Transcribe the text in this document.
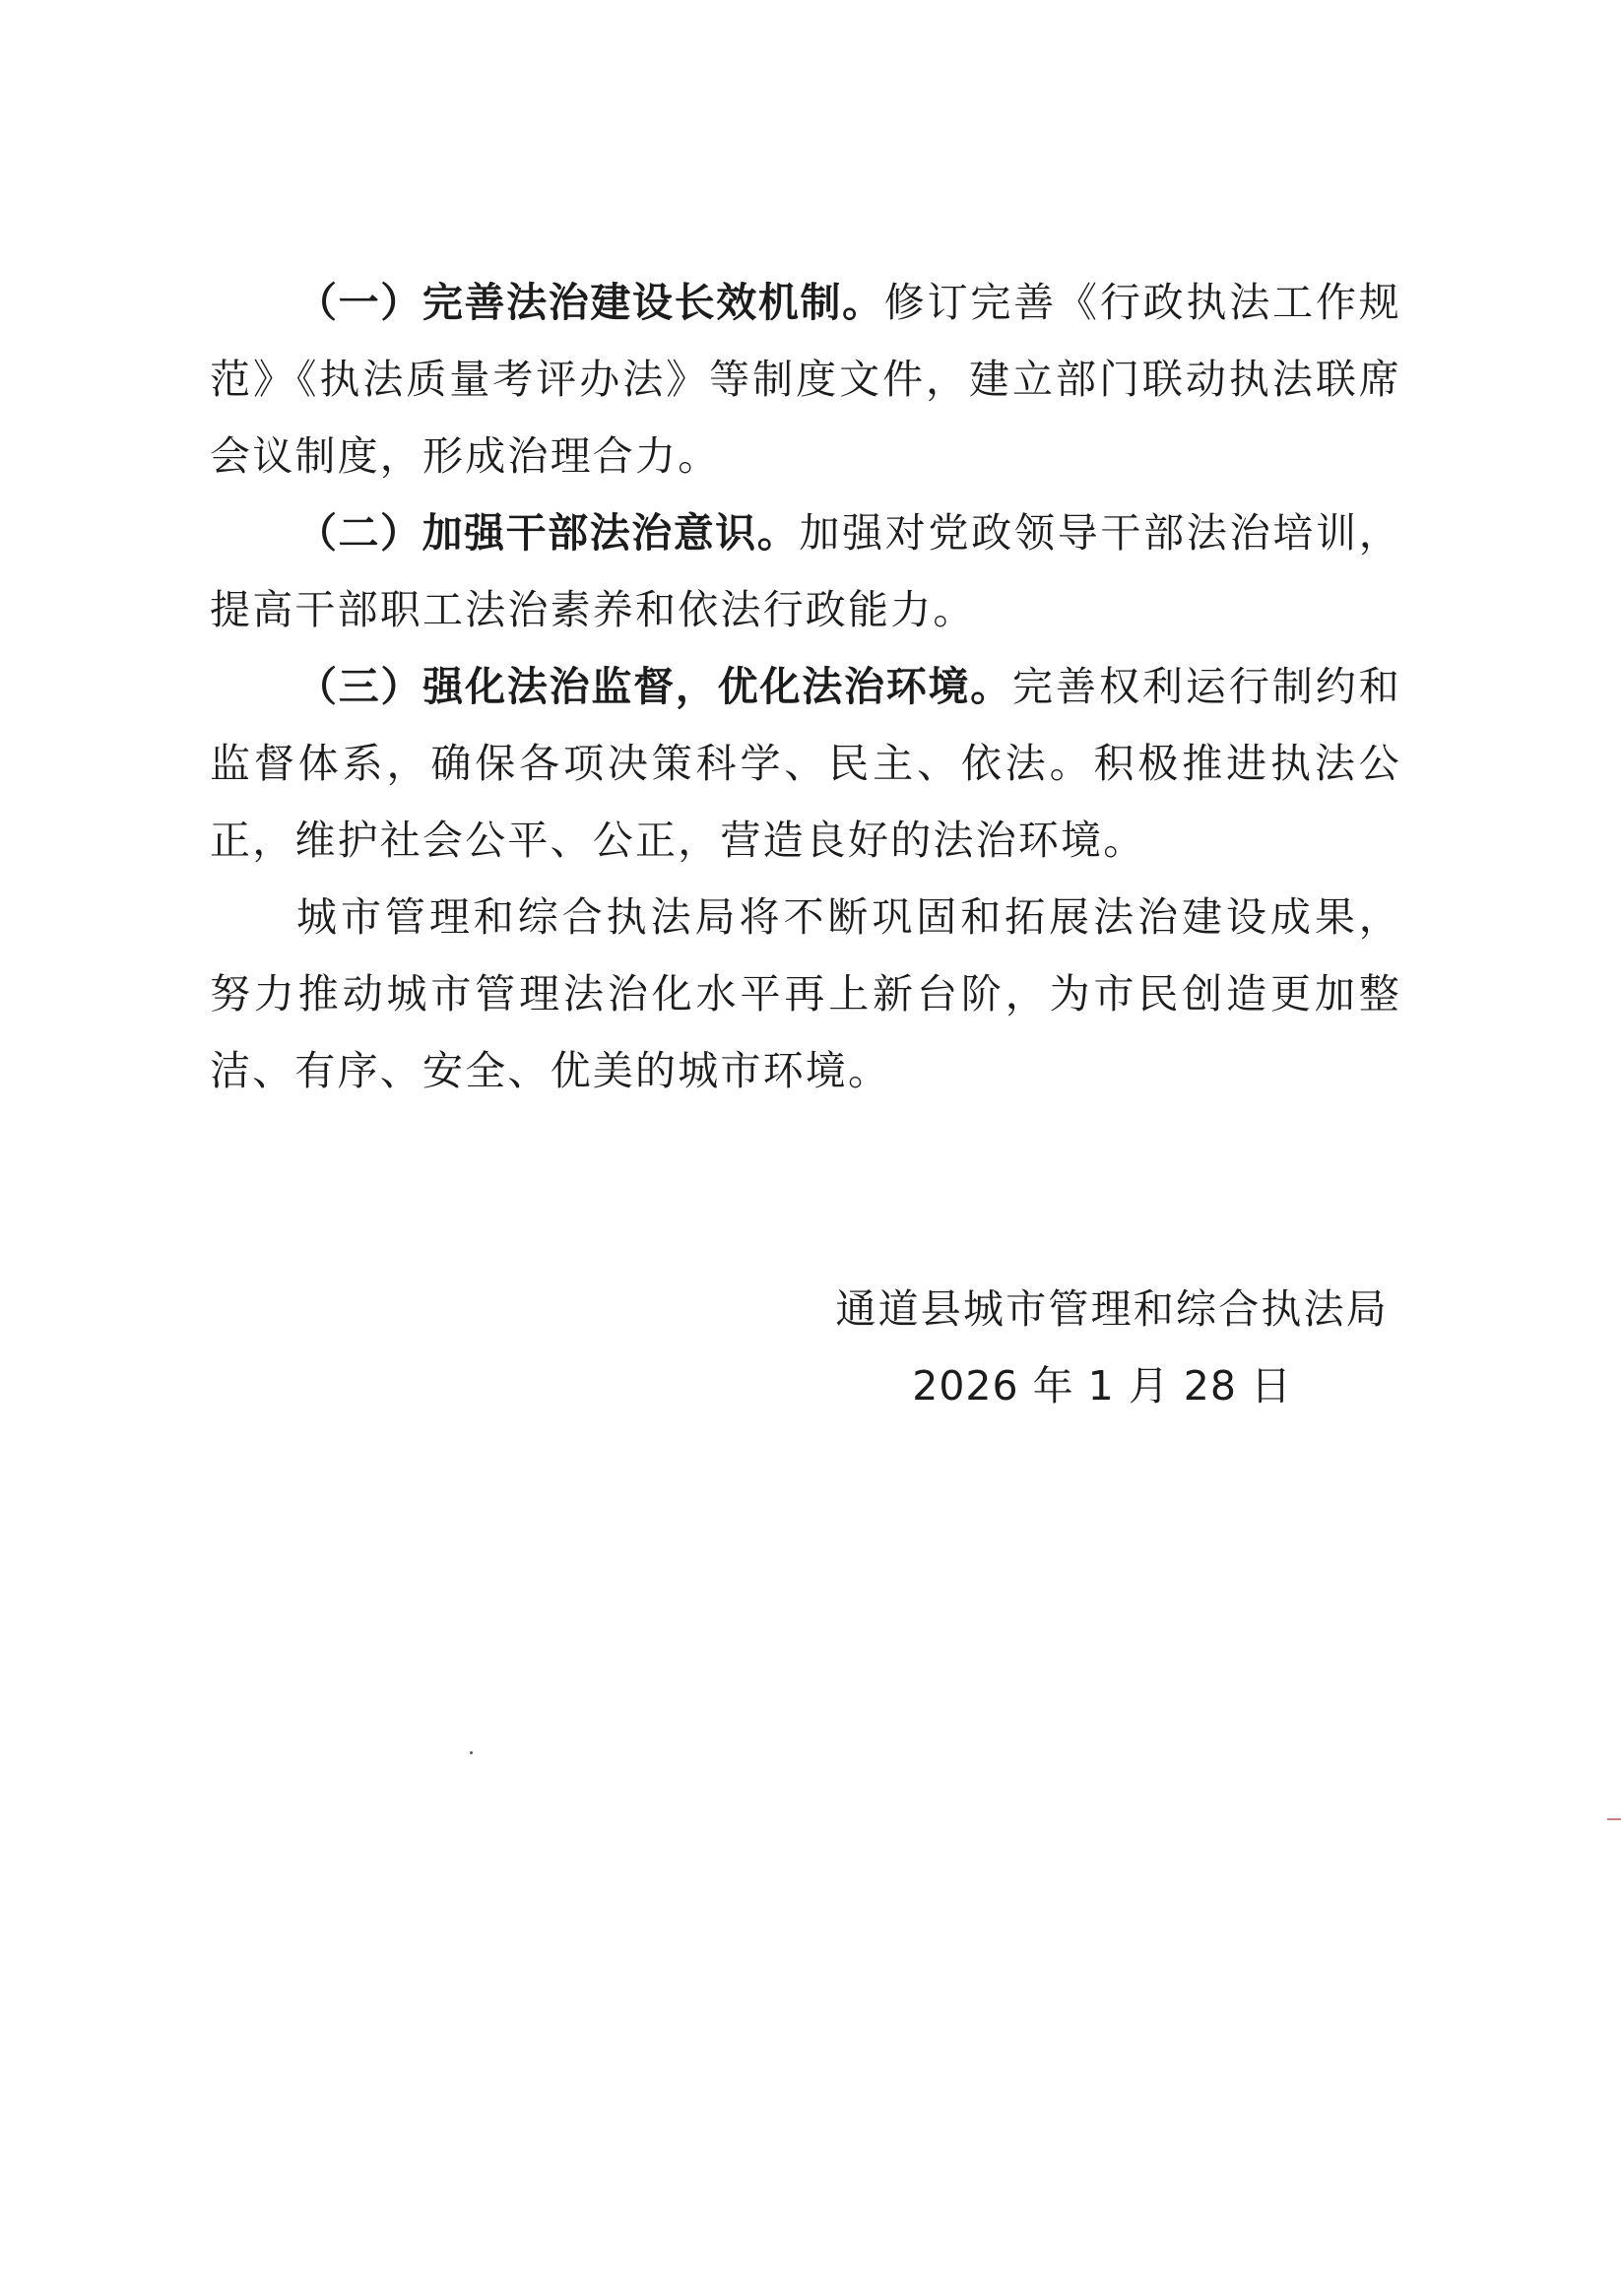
（一）完善法治建设长效机制。修订完善《行政执法工作规范》《执法质量考评办法》等制度文件，建立部门联动执法联席会议制度，形成治理合力。

（二）加强干部法治意识。加强对党政领导干部法治培训，提高干部职工法治素养和依法行政能力。

（三）强化法治监督，优化法治环境。完善权利运行制约和监督体系，确保各项决策科学、民主、依法。积极推进执法公正，维护社会公平、公正，营造良好的法治环境。

城市管理和综合执法局将不断巩固和拓展法治建设成果，努力推动城市管理法治化水平再上新台阶，为市民创造更加整洁、有序、安全、优美的城市环境。

通道县城市管理和综合执法局
2026 年 1 月 28 日
